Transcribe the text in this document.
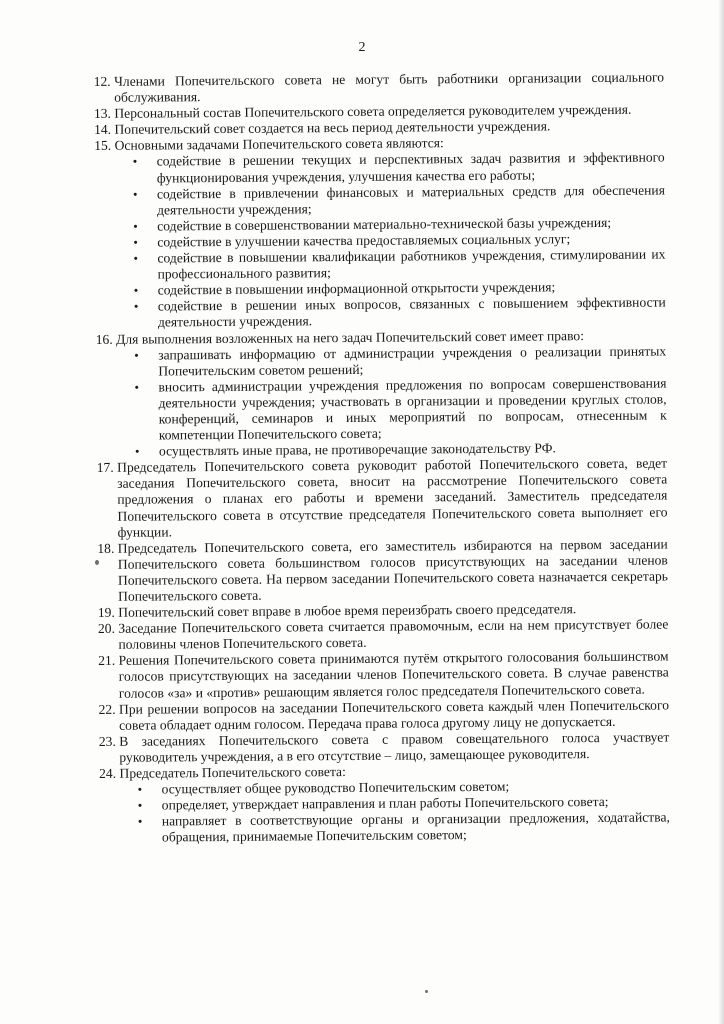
2
12. Членами Попечительского совета не могут быть работники организации социального обслуживания.
13. Персональный состав Попечительского совета определяется руководителем учреждения.
14. Попечительский совет создается на весь период деятельности учреждения.
15. Основными задачами Попечительского совета являются:
• содействие в решении текущих и перспективных задач развития и эффективного функционирования учреждения, улучшения качества его работы;
• содействие в привлечении финансовых и материальных средств для обеспечения деятельности учреждения;
• содействие в совершенствовании материально-технической базы учреждения;
• содействие в улучшении качества предоставляемых социальных услуг;
• содействие в повышении квалификации работников учреждения, стимулировании их профессионального развития;
• содействие в повышении информационной открытости учреждения;
• содействие в решении иных вопросов, связанных с повышением эффективности деятельности учреждения.
16. Для выполнения возложенных на него задач Попечительский совет имеет право:
• запрашивать информацию от администрации учреждения о реализации принятых Попечительским советом решений;
• вносить администрации учреждения предложения по вопросам совершенствования деятельности учреждения; участвовать в организации и проведении круглых столов, конференций, семинаров и иных мероприятий по вопросам, отнесенным к компетенции Попечительского совета;
• осуществлять иные права, не противоречащие законодательству РФ.
17. Председатель Попечительского совета руководит работой Попечительского совета, ведет заседания Попечительского совета, вносит на рассмотрение Попечительского совета предложения о планах его работы и времени заседаний. Заместитель председателя Попечительского совета в отсутствие председателя Попечительского совета выполняет его функции.
18. Председатель Попечительского совета, его заместитель избираются на первом заседании Попечительского совета большинством голосов присутствующих на заседании членов Попечительского совета. На первом заседании Попечительского совета назначается секретарь Попечительского совета.
19. Попечительский совет вправе в любое время переизбрать своего председателя.
20. Заседание Попечительского совета считается правомочным, если на нем присутствует более половины членов Попечительского совета.
21. Решения Попечительского совета принимаются путём открытого голосования большинством голосов присутствующих на заседании членов Попечительского совета. В случае равенства голосов «за» и «против» решающим является голос председателя Попечительского совета.
22. При решении вопросов на заседании Попечительского совета каждый член Попечительского совета обладает одним голосом. Передача права голоса другому лицу не допускается.
23. В заседаниях Попечительского совета с правом совещательного голоса участвует руководитель учреждения, а в его отсутствие – лицо, замещающее руководителя.
24. Председатель Попечительского совета:
• осуществляет общее руководство Попечительским советом;
• определяет, утверждает направления и план работы Попечительского совета;
• направляет в соответствующие органы и организации предложения, ходатайства, обращения, принимаемые Попечительским советом;
